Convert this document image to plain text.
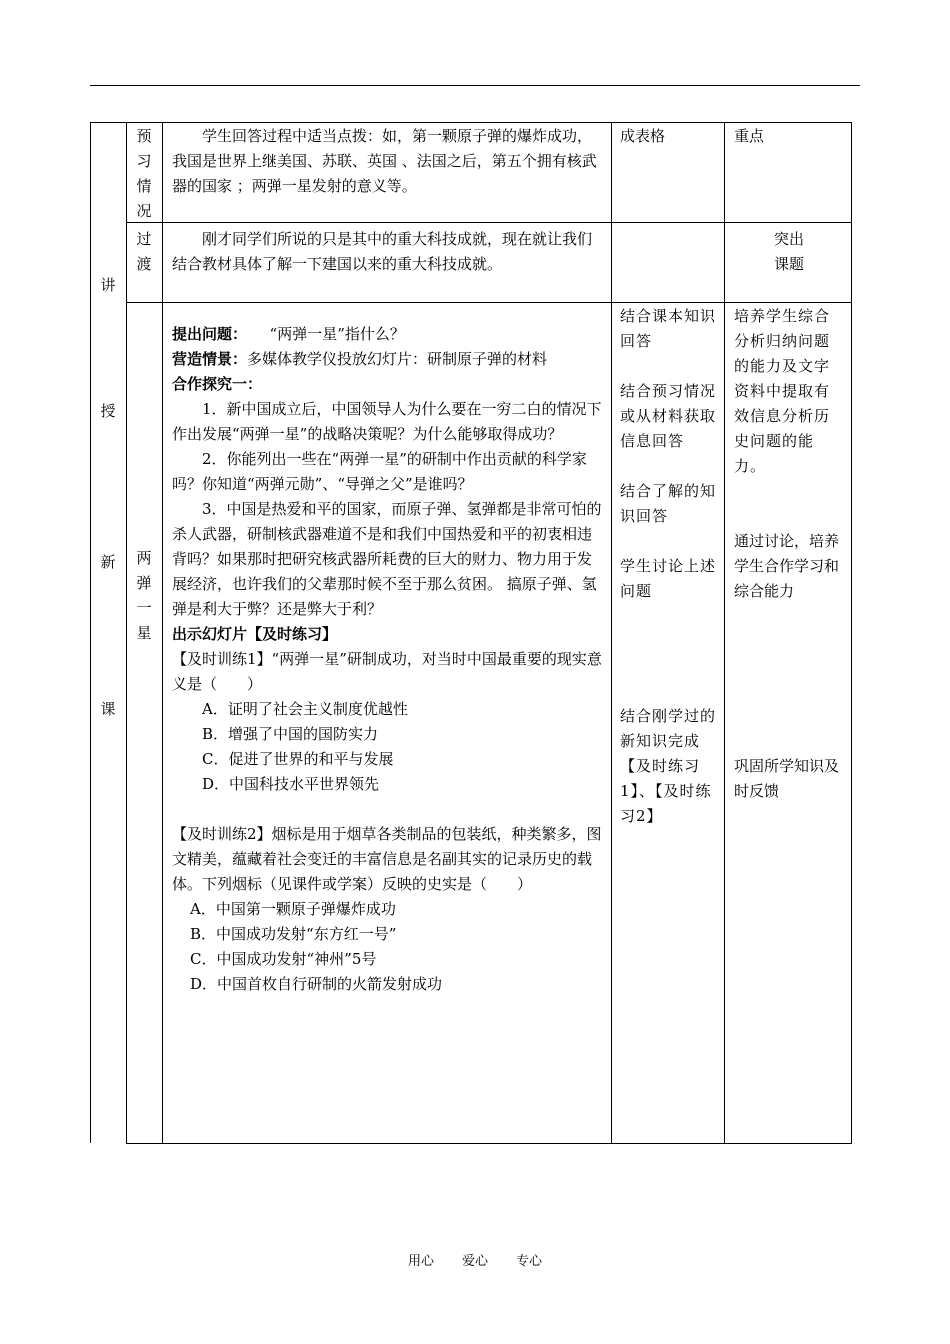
讲
授
新
课
预
习
情
况

学生回答过程中适当点拨：如，第一颗原子弹的爆炸成功，我国是世界上继美国、苏联、英国 、法国之后，第五个拥有核武器的国家 ；两弹一星发射的意义等。

成表格	重点
过
渡

刚才同学们所说的只是其中的重大科技成就，现在就让我们结合教材具体了解一下建国以来的重大科技成就。

突出
课题
两
弹
一
星

提出问题：　　 “两弹一星”指什么？

营造情景：多媒体教学仪投放幻灯片：研制原子弹的材料

合作探究一：

1．新中国成立后，中国领导人为什么要在一穷二白的情况下作出发展“两弹一星”的战略决策呢？为什么能够取得成功？

2．你能列出一些在“两弹一星”的研制中作出贡献的科学家吗？你知道“两弹元勋”、“导弹之父”是谁吗？

3．中国是热爱和平的国家，而原子弹、氢弹都是非常可怕的杀人武器，研制核武器难道不是和我们中国热爱和平的初衷相违背吗？如果那时把研究核武器所耗费的巨大的财力、物力用于发展经济，也许我们的父辈那时候不至于那么贫困。 搞原子弹、氢弹是利大于弊？还是弊大于利？

出示幻灯片【及时练习】

【及时训练1】“两弹一星”研制成功，对当时中国最重要的现实意义是（　　）

A．证明了社会主义制度优越性

B．增强了中国的国防实力

C．促进了世界的和平与发展

D．中国科技水平世界领先

【及时训练2】烟标是用于烟草各类制品的包装纸，种类繁多，图文精美，蕴藏着社会变迁的丰富信息是名副其实的记录历史的载体。下列烟标（见课件或学案）反映的史实是（　　）

A．中国第一颗原子弹爆炸成功

B．中国成功发射“东方红一号”

C．中国成功发射“神州”5号

D．中国首枚自行研制的火箭发射成功

结合课本知识回答
结合预习情况或从材料获取信息回答
结合了解的知识回答
学生讨论上述问题
结合刚学过的新知识完成【及时练习1】、【及时练习2】
培养学生综合分析归纳问题的能力及文字资料中提取有效信息分析历史问题的能力。
通过讨论，培养学生合作学习和综合能力
巩固所学知识及时反馈
用心 爱心 专心
